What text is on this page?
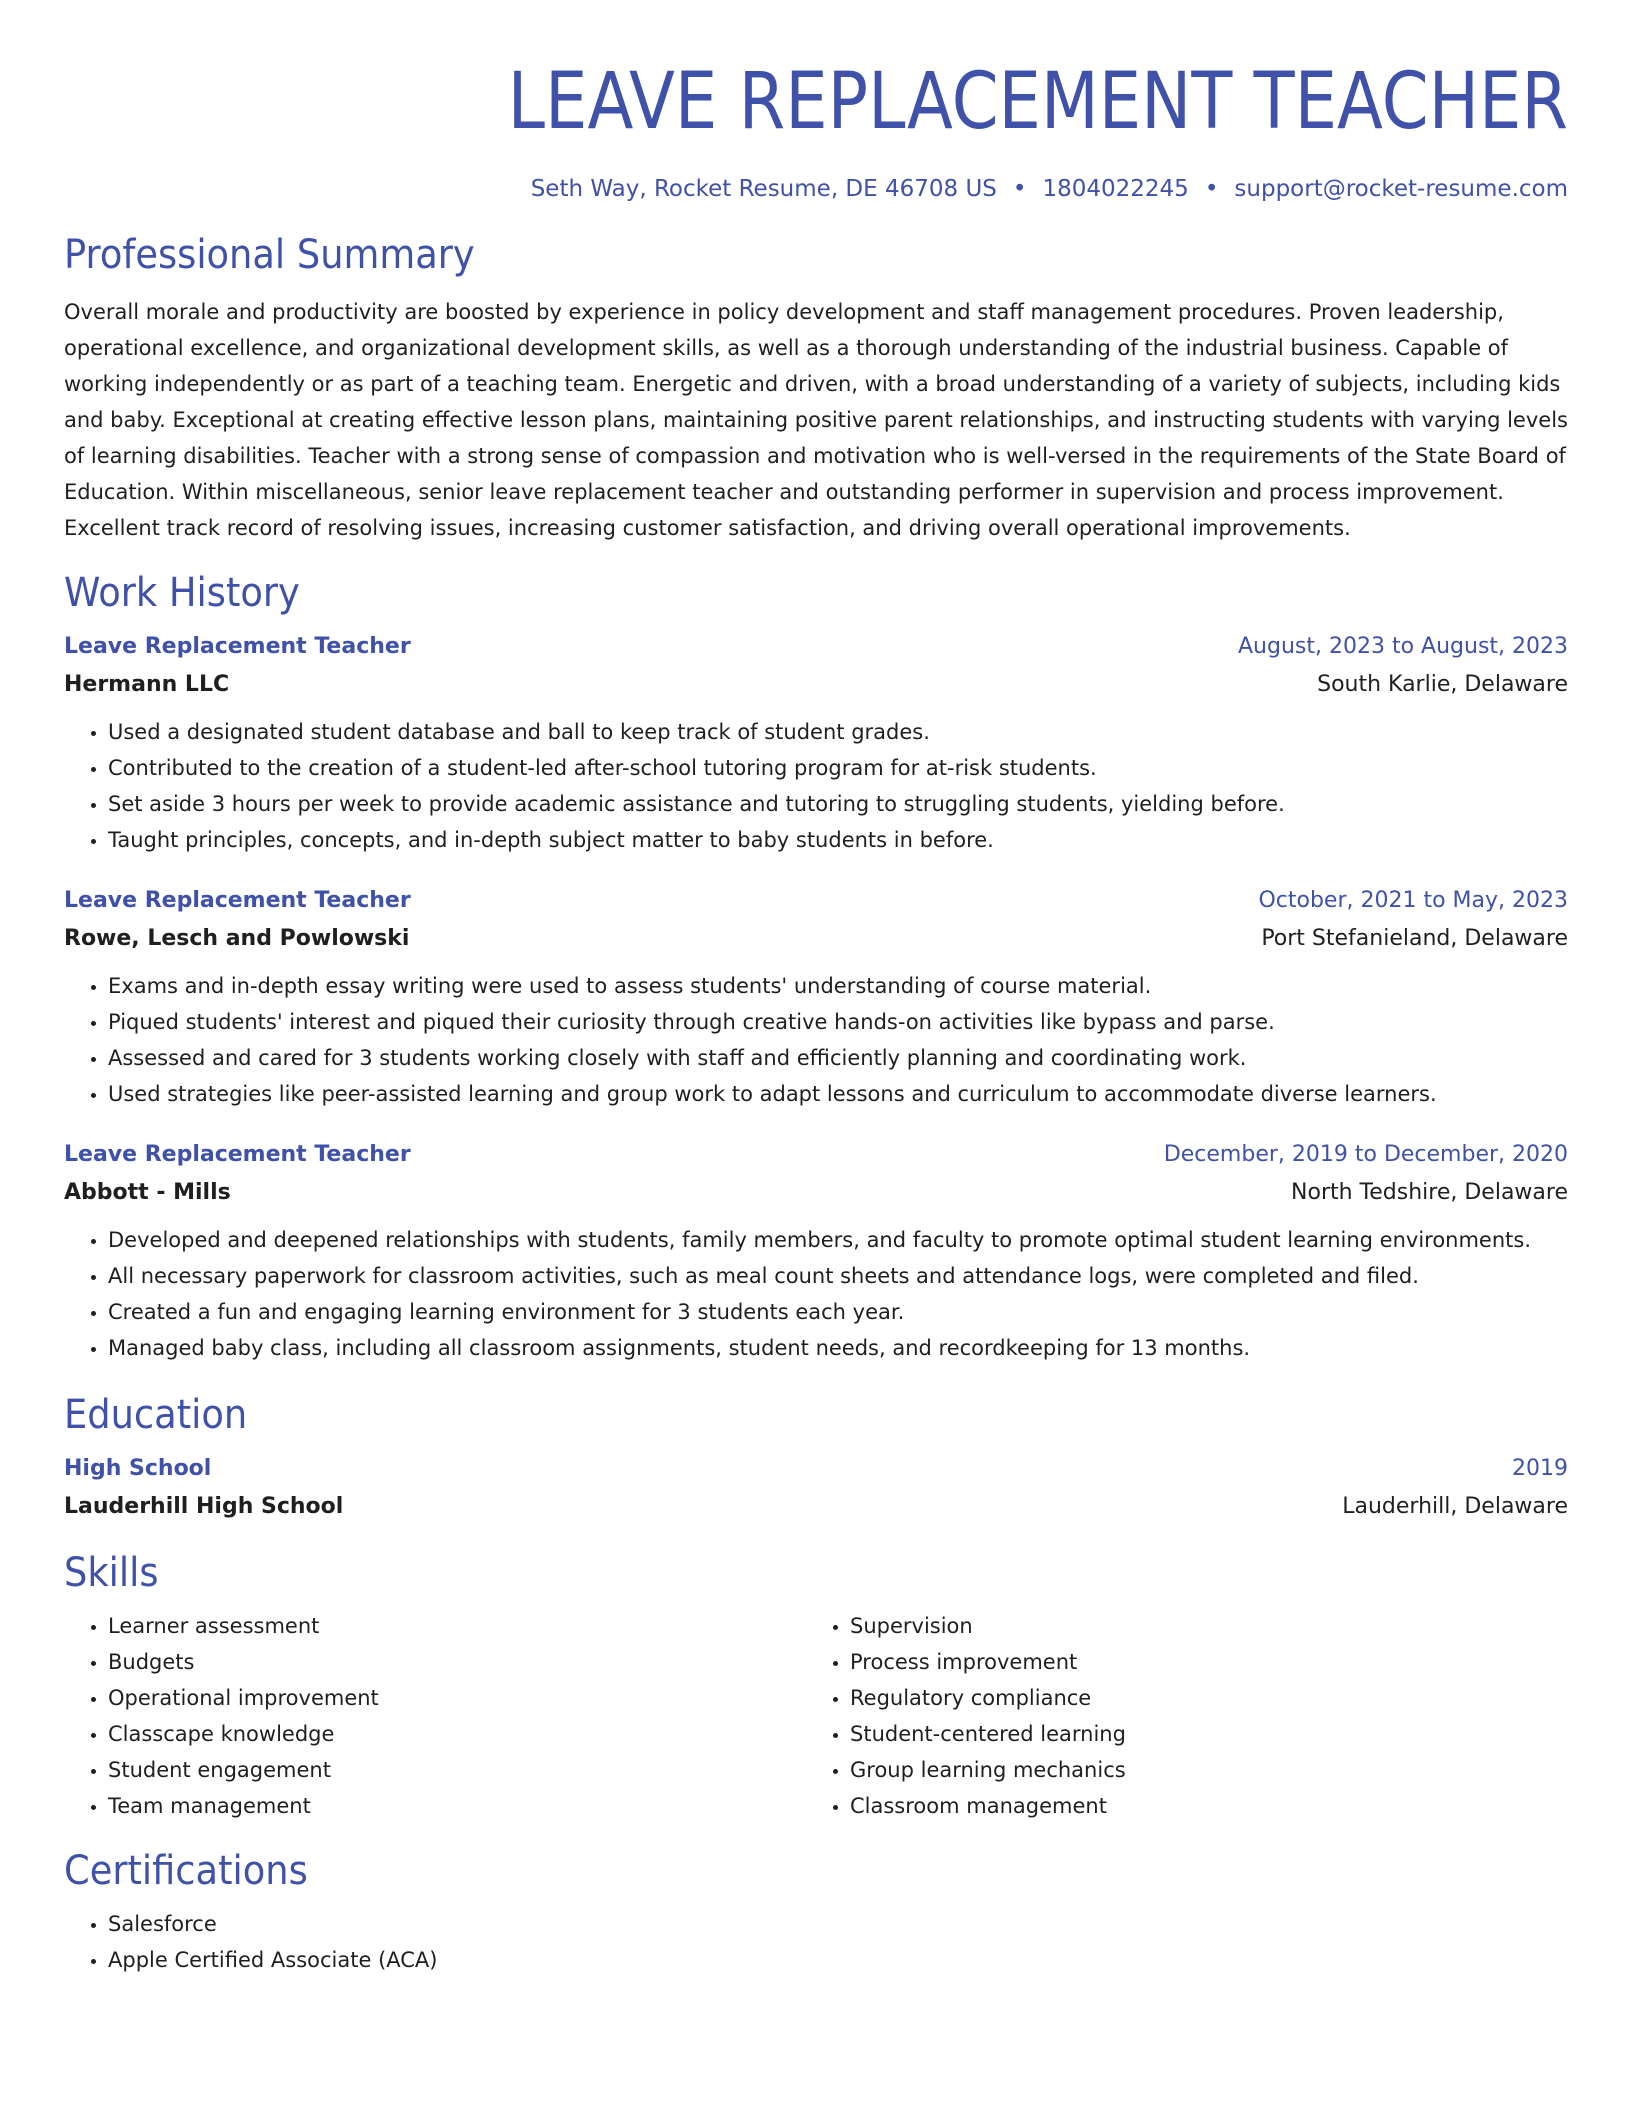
LEAVE REPLACEMENT TEACHER
Seth Way, Rocket Resume, DE 46708 US • 1804022245 • support@rocket-resume.com
Professional Summary
Overall morale and productivity are boosted by experience in policy development and staff management procedures. Proven leadership, operational excellence, and organizational development skills, as well as a thorough understanding of the industrial business. Capable of working independently or as part of a teaching team. Energetic and driven, with a broad understanding of a variety of subjects, including kids and baby. Exceptional at creating effective lesson plans, maintaining positive parent relationships, and instructing students with varying levels of learning disabilities. Teacher with a strong sense of compassion and motivation who is well-versed in the requirements of the State Board of Education. Within miscellaneous, senior leave replacement teacher and outstanding performer in supervision and process improvement. Excellent track record of resolving issues, increasing customer satisfaction, and driving overall operational improvements.
Work History
Leave Replacement Teacher	August, 2023 to August, 2023
Hermann LLC	South Karlie, Delaware
• Used a designated student database and ball to keep track of student grades.
• Contributed to the creation of a student-led after-school tutoring program for at-risk students.
• Set aside 3 hours per week to provide academic assistance and tutoring to struggling students, yielding before.
• Taught principles, concepts, and in-depth subject matter to baby students in before.
Leave Replacement Teacher	October, 2021 to May, 2023
Rowe, Lesch and Powlowski	Port Stefanieland, Delaware
• Exams and in-depth essay writing were used to assess students' understanding of course material.
• Piqued students' interest and piqued their curiosity through creative hands-on activities like bypass and parse.
• Assessed and cared for 3 students working closely with staff and efficiently planning and coordinating work.
• Used strategies like peer-assisted learning and group work to adapt lessons and curriculum to accommodate diverse learners.
Leave Replacement Teacher	December, 2019 to December, 2020
Abbott - Mills	North Tedshire, Delaware
• Developed and deepened relationships with students, family members, and faculty to promote optimal student learning environments.
• All necessary paperwork for classroom activities, such as meal count sheets and attendance logs, were completed and filed.
• Created a fun and engaging learning environment for 3 students each year.
• Managed baby class, including all classroom assignments, student needs, and recordkeeping for 13 months.
Education
High School	2019
Lauderhill High School	Lauderhill, Delaware
Skills
• Learner assessment
• Budgets
• Operational improvement
• Classcape knowledge
• Student engagement
• Team management
• Supervision
• Process improvement
• Regulatory compliance
• Student-centered learning
• Group learning mechanics
• Classroom management
Certifications
• Salesforce
• Apple Certified Associate (ACA)
